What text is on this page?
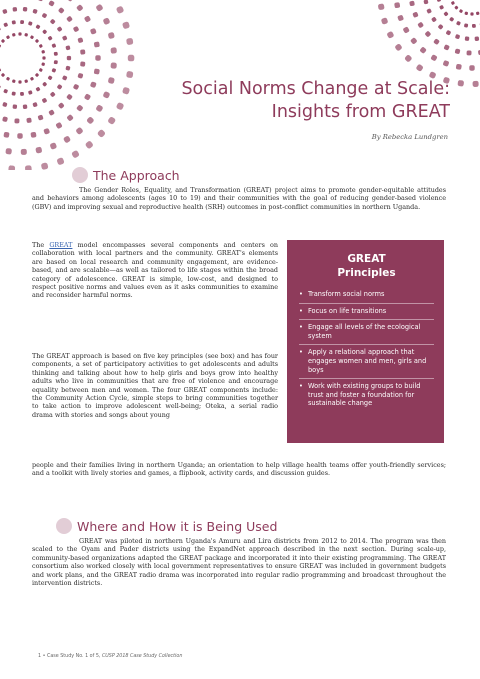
Social Norms Change at Scale:
Insights from GREAT
By Rebecka Lundgren
The Approach

The Gender Roles, Equality, and Transformation (GREAT) project aims to promote gender-equitable attitudes and behaviors among adolescents (ages 10 to 19) and their communities with the goal of reducing gender-based violence (GBV) and improving sexual and reproductive health (SRH) outcomes in post-conflict communities in northern Uganda.

The GREAT model encompasses several components and centers on collaboration with local partners and the community. GREAT's elements are based on local research and community engagement, are evidence-based, and are scalable—as well as tailored to life stages within the broad category of adolescence. GREAT is simple, low-cost, and designed to respect positive norms and values even as it asks communities to examine and reconsider harmful norms.

The GREAT approach is based on five key principles (see box) and has four components, a set of participatory activities to get adolescents and adults thinking and talking about how to help girls and boys grow into healthy adults who live in communities that are free of violence and encourage equality between men and women. The four GREAT components include: the Community Action Cycle, simple steps to bring communities together to take action to improve adolescent well-being; Oteka, a serial radio drama with stories and songs about young

people and their families living in northern Uganda; an orientation to help village health teams offer youth-friendly services; and a toolkit with lively stories and games, a flipbook, activity cards, and discussion guides.

GREAT
Principles
• Transform social norms
• Focus on life transitions
• Engage all levels of the ecological system
• Apply a relational approach that engages women and men, girls and boys
• Work with existing groups to build trust and foster a foundation for sustainable change
Where and How it is Being Used

GREAT was piloted in northern Uganda's Amuru and Lira districts from 2012 to 2014. The program was then scaled to the Oyam and Pader districts using the ExpandNet approach described in the next section. During scale-up, community-based organizations adapted the GREAT package and incorporated it into their existing programming. The GREAT consortium also worked closely with local government representatives to ensure GREAT was included in government budgets and work plans, and the GREAT radio drama was incorporated into regular radio programming and broadcast throughout the intervention districts.

1 • Case Study No. 1 of 5, CUSP 2018 Case Study Collection
